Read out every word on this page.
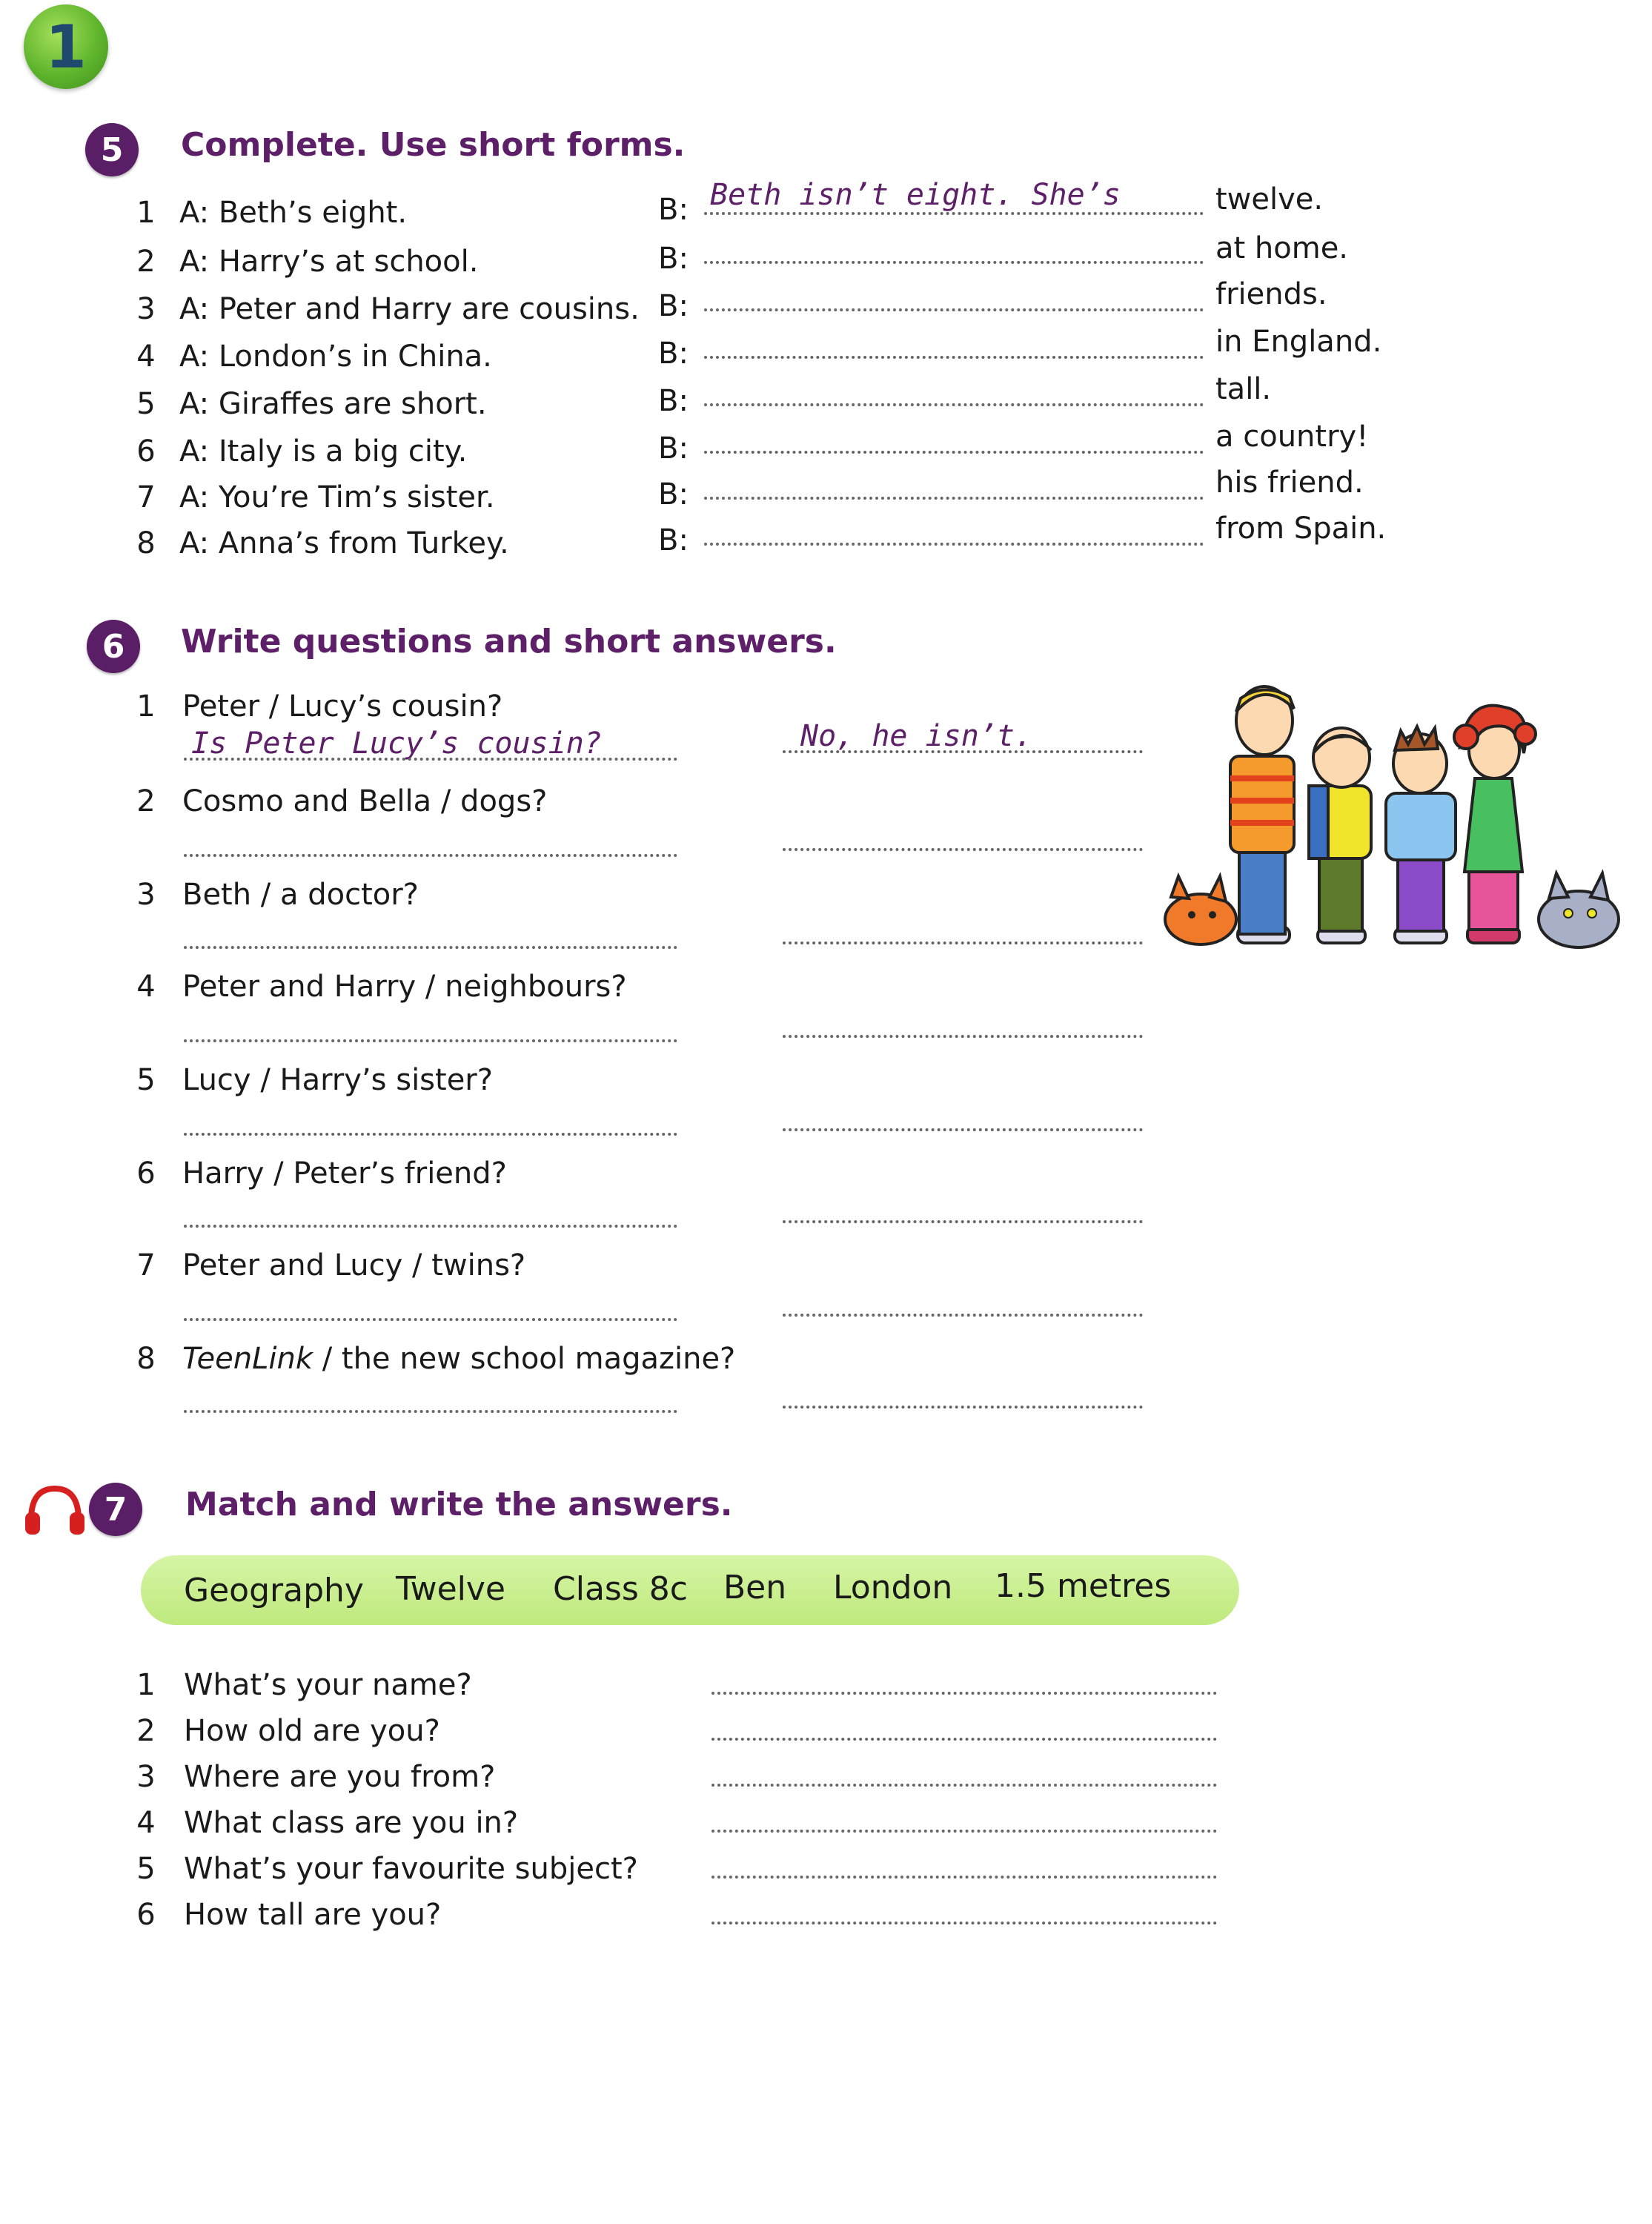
1
5 Complete. Use short forms.
1 A: Beth’s eight.	B: Beth isn’t eight. She’s	twelve.
2 A: Harry’s at school.	B:	at home.
3 A: Peter and Harry are cousins. B:	friends.
4 A: London’s in China.	B:	in England.
5 A: Giraffes are short.	B:	tall.
6 A: Italy is a big city.	B:	a country!
7 A: You’re Tim’s sister.	B:	his friend.
8 A: Anna’s from Turkey.	B:	from Spain.
6 Write questions and short answers.
1 Peter / Lucy’s cousin?
Is Peter Lucy’s cousin?	No, he isn’t.
2 Cosmo and Bella / dogs?
3 Beth / a doctor?
4 Peter and Harry / neighbours?
5 Lucy / Harry’s sister?
6 Harry / Peter’s friend?
7 Peter and Lucy / twins?
8 TeenLink / the new school magazine?
7 Match and write the answers.
Geography Twelve Class 8c Ben London 1.5 metres
1 What’s your name?
2 How old are you?
3 Where are you from?
4 What class are you in?
5 What’s your favourite subject?
6 How tall are you?
